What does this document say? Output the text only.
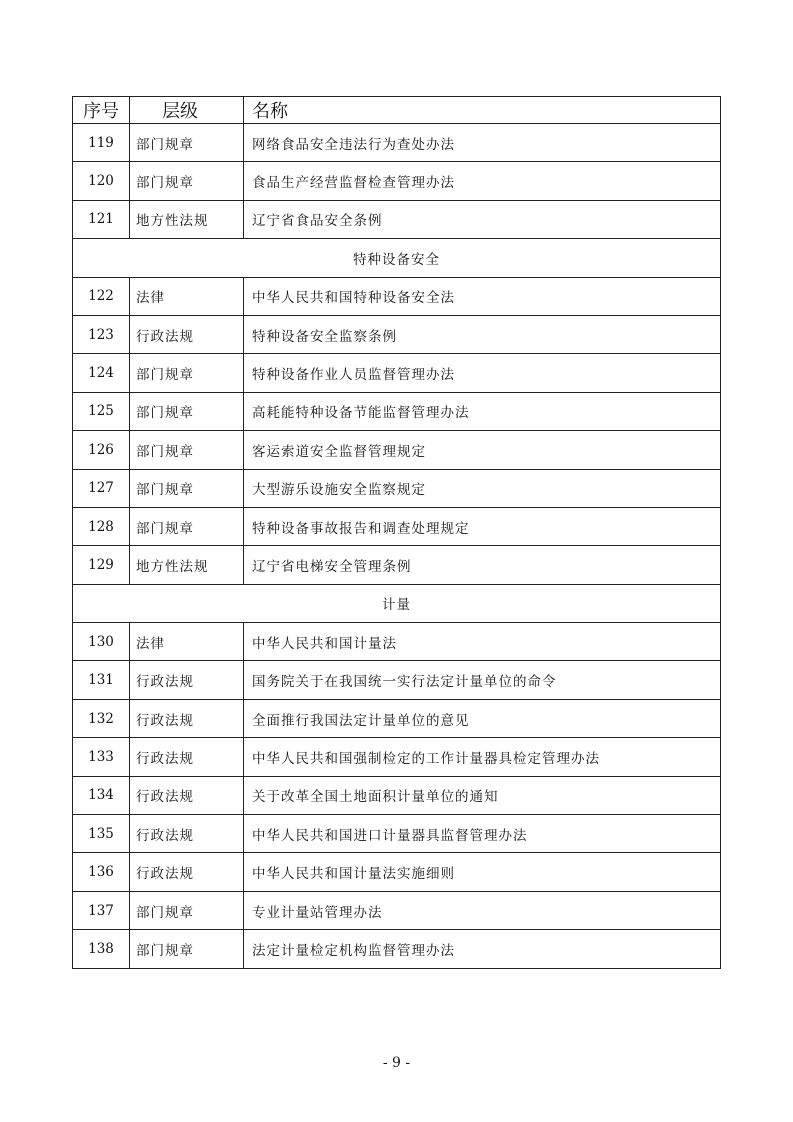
序号	层级	名称
119	部门规章	网络食品安全违法行为查处办法
120	部门规章	食品生产经营监督检查管理办法
121	地方性法规	辽宁省食品安全条例
特种设备安全		
122	法律	中华人民共和国特种设备安全法
123	行政法规	特种设备安全监察条例
124	部门规章	特种设备作业人员监督管理办法
125	部门规章	高耗能特种设备节能监督管理办法
126	部门规章	客运索道安全监督管理规定
127	部门规章	大型游乐设施安全监察规定
128	部门规章	特种设备事故报告和调查处理规定
129	地方性法规	辽宁省电梯安全管理条例
计量		
130	法律	中华人民共和国计量法
131	行政法规	国务院关于在我国统一实行法定计量单位的命令
132	行政法规	全面推行我国法定计量单位的意见
133	行政法规	中华人民共和国强制检定的工作计量器具检定管理办法
134	行政法规	关于改革全国土地面积计量单位的通知
135	行政法规	中华人民共和国进口计量器具监督管理办法
136	行政法规	中华人民共和国计量法实施细则
137	部门规章	专业计量站管理办法
138	部门规章	法定计量检定机构监督管理办法
- 9 -
